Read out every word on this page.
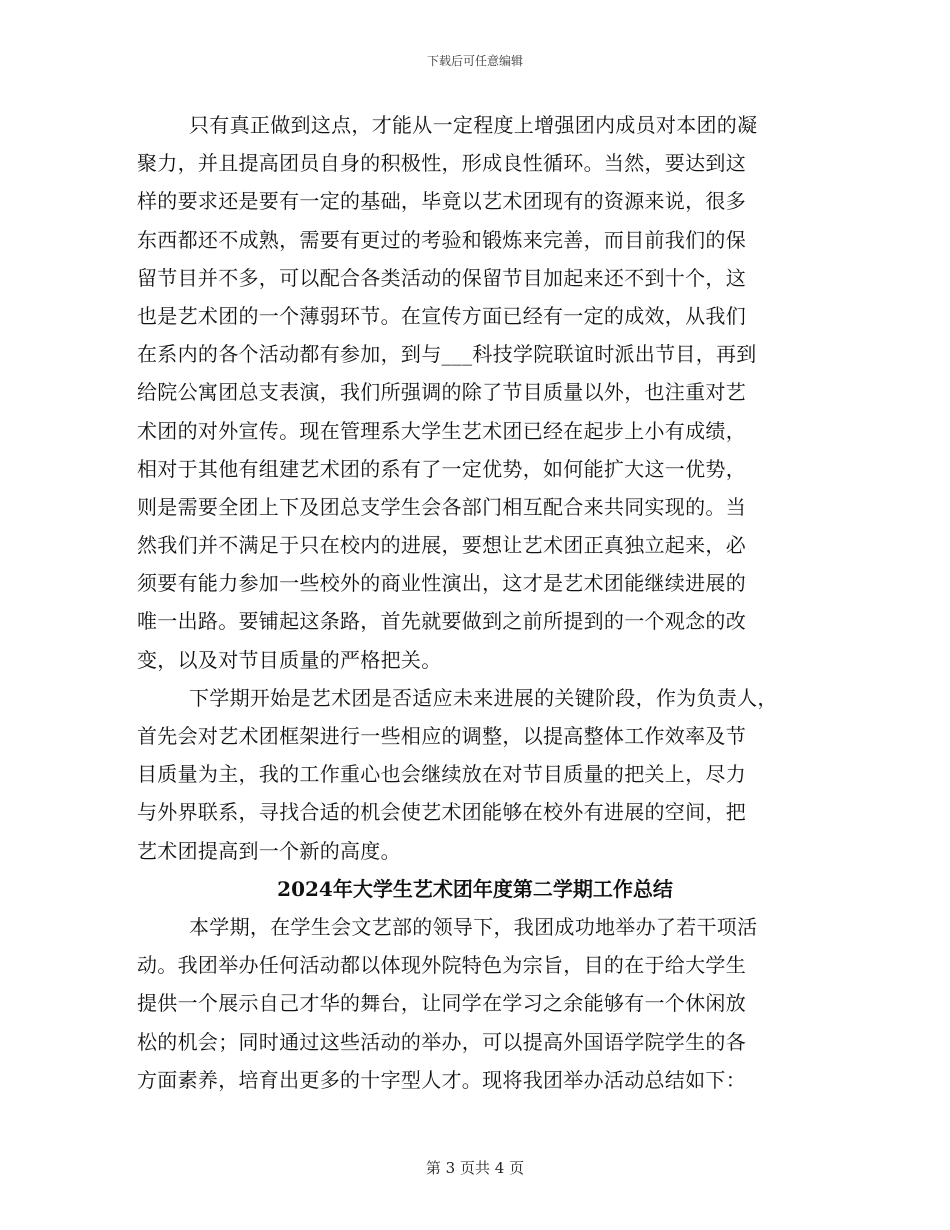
下载后可任意编辑
只有真正做到这点，才能从一定程度上增强团内成员对本团的凝
聚力，并且提高团员自身的积极性，形成良性循环。当然，要达到这
样的要求还是要有一定的基础，毕竟以艺术团现有的资源来说，很多
东西都还不成熟，需要有更过的考验和锻炼来完善，而目前我们的保
留节目并不多，可以配合各类活动的保留节目加起来还不到十个，这
也是艺术团的一个薄弱环节。在宣传方面已经有一定的成效，从我们
在系内的各个活动都有参加，到与___科技学院联谊时派出节目，再到
给院公寓团总支表演，我们所强调的除了节目质量以外，也注重对艺
术团的对外宣传。现在管理系大学生艺术团已经在起步上小有成绩，
相对于其他有组建艺术团的系有了一定优势，如何能扩大这一优势，
则是需要全团上下及团总支学生会各部门相互配合来共同实现的。当
然我们并不满足于只在校内的进展，要想让艺术团正真独立起来，必
须要有能力参加一些校外的商业性演出，这才是艺术团能继续进展的
唯一出路。要铺起这条路，首先就要做到之前所提到的一个观念的改
变，以及对节目质量的严格把关。
下学期开始是艺术团是否适应未来进展的关键阶段，作为负责人，
首先会对艺术团框架进行一些相应的调整，以提高整体工作效率及节
目质量为主，我的工作重心也会继续放在对节目质量的把关上，尽力
与外界联系，寻找合适的机会使艺术团能够在校外有进展的空间，把
艺术团提高到一个新的高度。
2024年大学生艺术团年度第二学期工作总结
本学期，在学生会文艺部的领导下，我团成功地举办了若干项活
动。我团举办任何活动都以体现外院特色为宗旨，目的在于给大学生
提供一个展示自己才华的舞台，让同学在学习之余能够有一个休闲放
松的机会；同时通过这些活动的举办，可以提高外国语学院学生的各
方面素养，培育出更多的十字型人才。现将我团举办活动总结如下：
第 3 页共 4 页
